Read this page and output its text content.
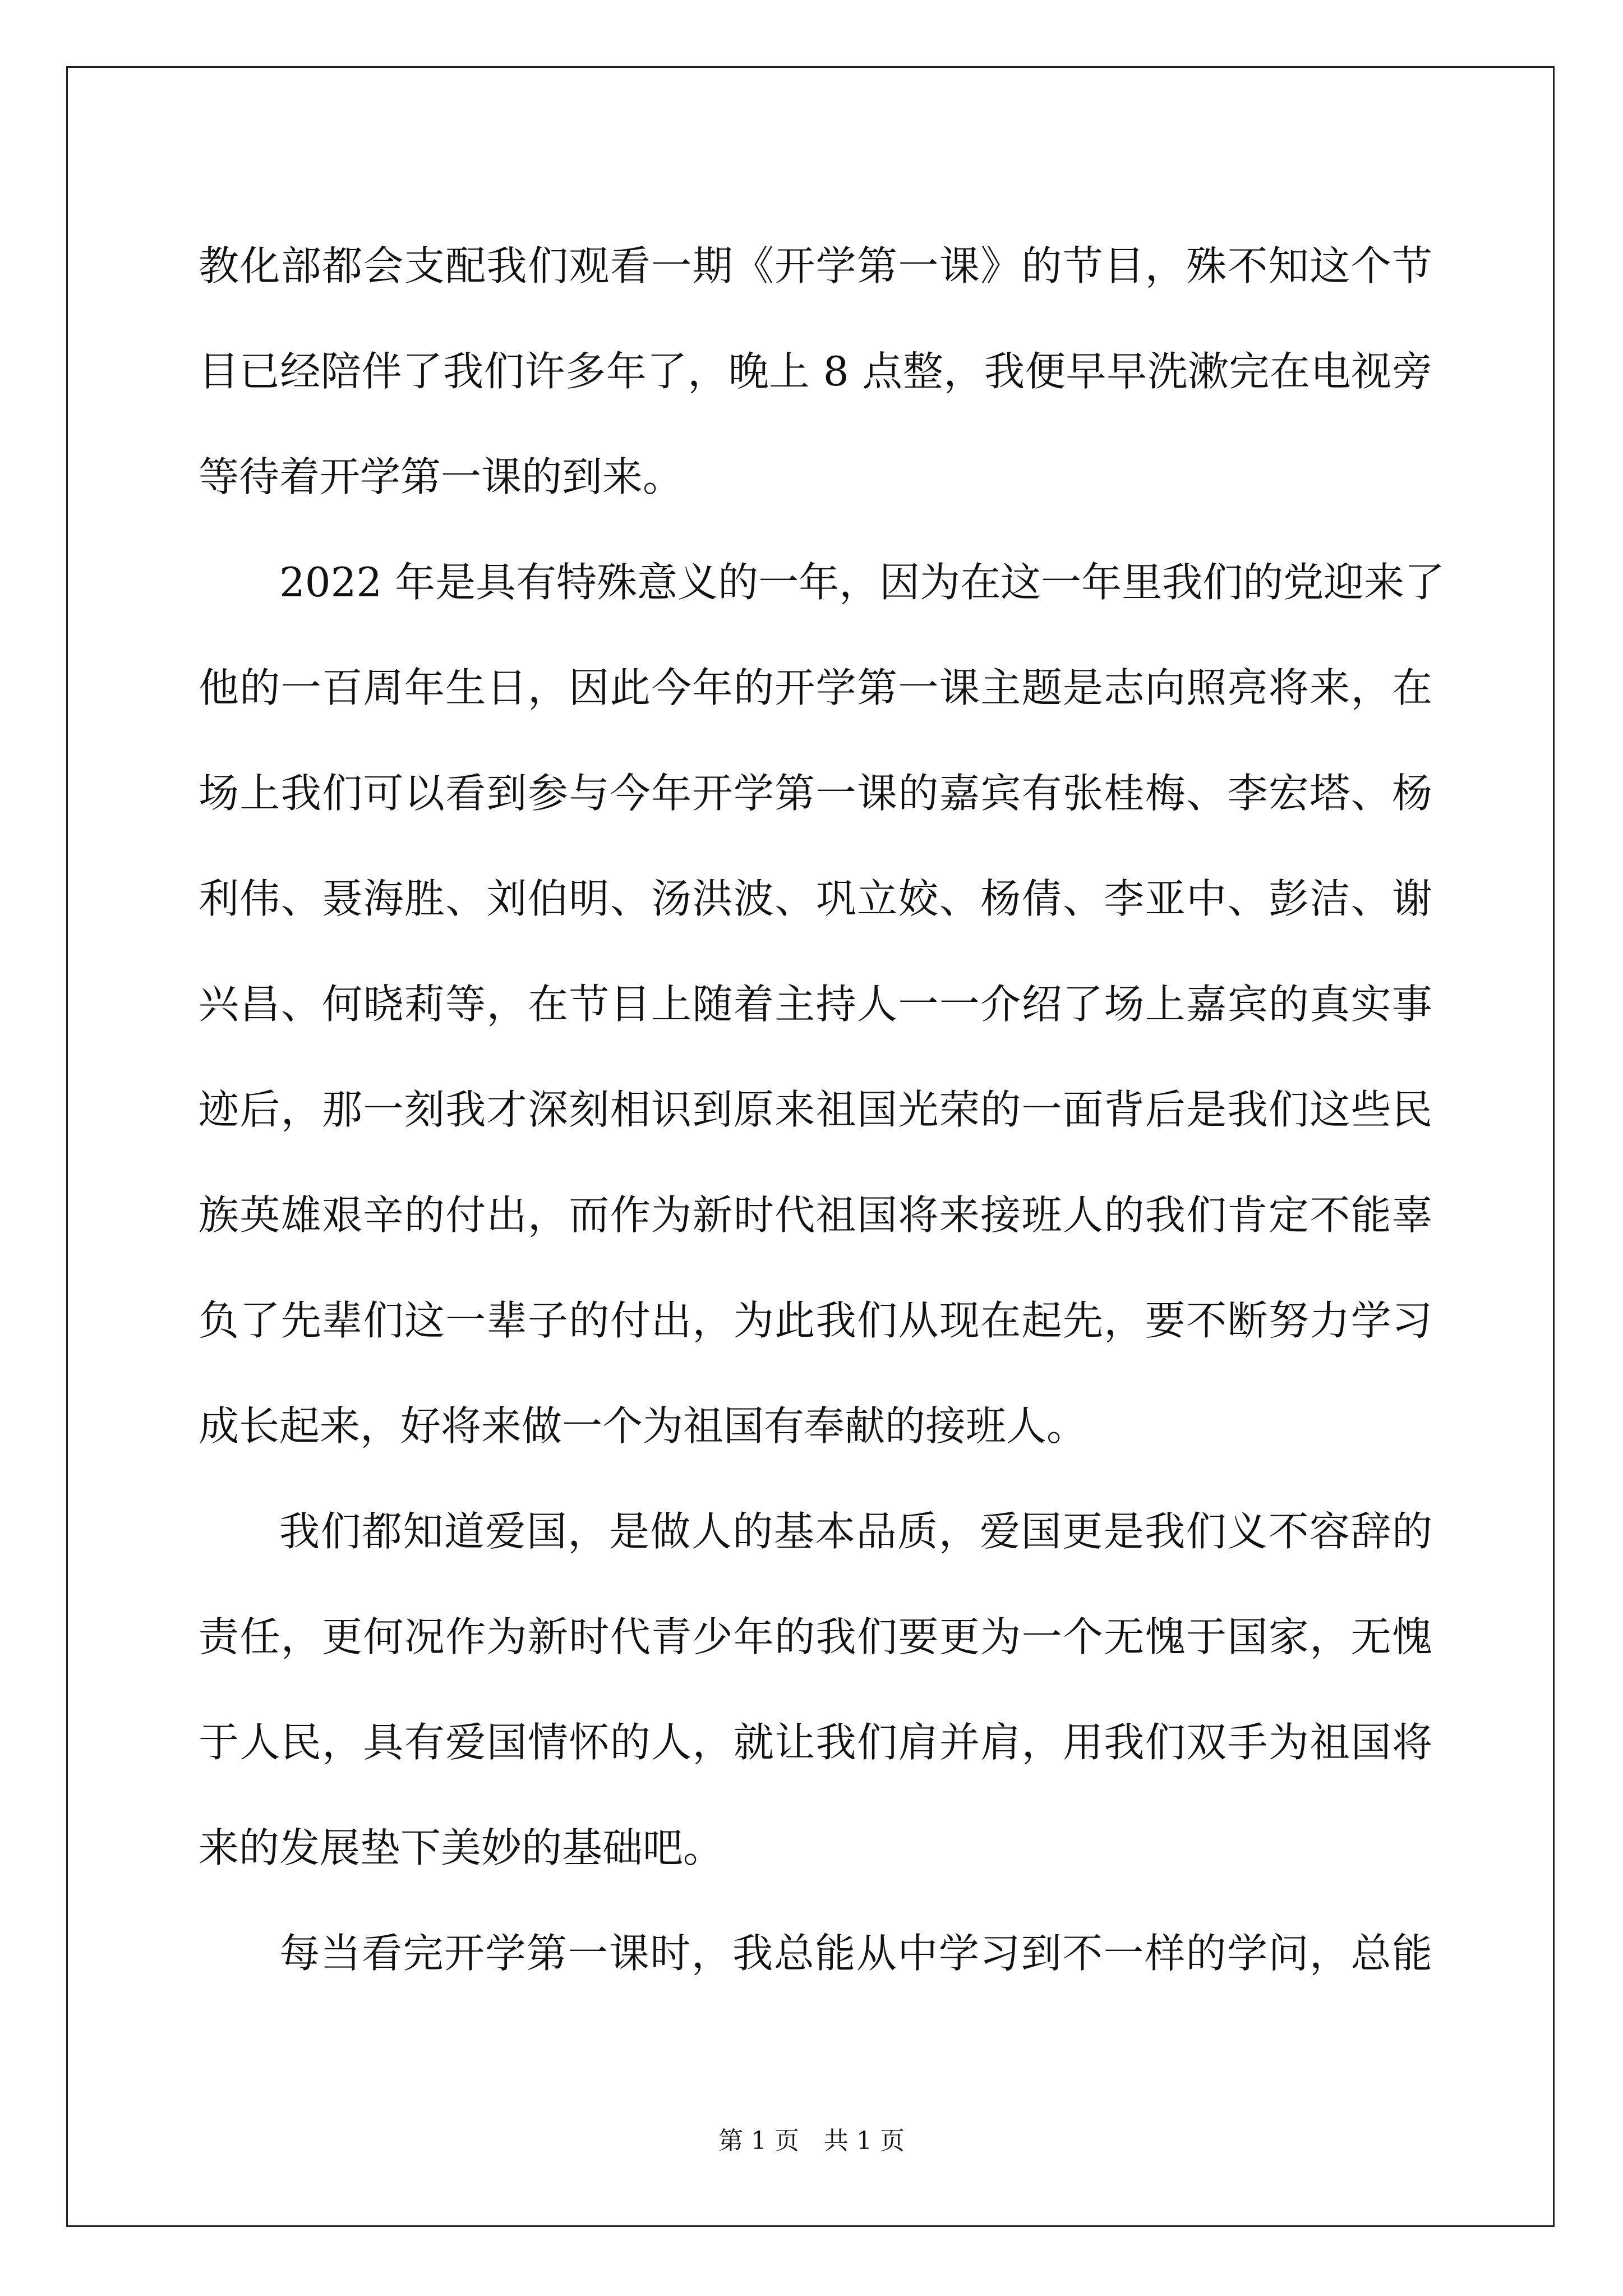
教化部都会支配我们观看一期《开学第一课》的节目，殊不知这个节
目已经陪伴了我们许多年了，晚上 8 点整，我便早早洗漱完在电视旁
等待着开学第一课的到来。
2022 年是具有特殊意义的一年，因为在这一年里我们的党迎来了
他的一百周年生日，因此今年的开学第一课主题是志向照亮将来，在
场上我们可以看到参与今年开学第一课的嘉宾有张桂梅、李宏塔、杨
利伟、聂海胜、刘伯明、汤洪波、巩立姣、杨倩、李亚中、彭洁、谢
兴昌、何晓莉等，在节目上随着主持人一一介绍了场上嘉宾的真实事
迹后，那一刻我才深刻相识到原来祖国光荣的一面背后是我们这些民
族英雄艰辛的付出，而作为新时代祖国将来接班人的我们肯定不能辜
负了先辈们这一辈子的付出，为此我们从现在起先，要不断努力学习
成长起来，好将来做一个为祖国有奉献的接班人。
我们都知道爱国，是做人的基本品质，爱国更是我们义不容辞的
责任，更何况作为新时代青少年的我们要更为一个无愧于国家，无愧
于人民，具有爱国情怀的人，就让我们肩并肩，用我们双手为祖国将
来的发展垫下美妙的基础吧。
每当看完开学第一课时，我总能从中学习到不一样的学问，总能
第 1 页　共 1 页
